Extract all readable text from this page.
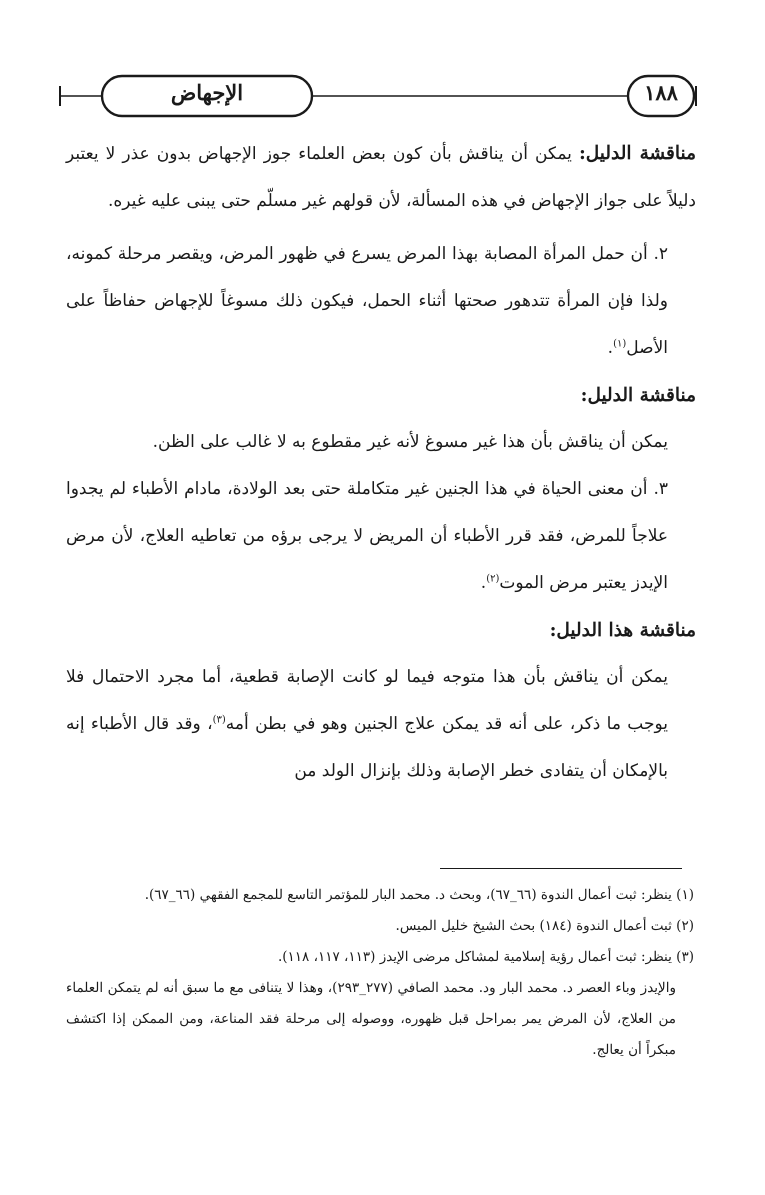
الإجهاض	١٨٨

مناقشة الدليل: يمكن أن يناقش بأن كون بعض العلماء جوز الإجهاض بدون عذر لا يعتبر دليلاً على جواز الإجهاض في هذه المسألة، لأن قولهم غير مسلّم حتى يبنى عليه غيره.

٢. أن حمل المرأة المصابة بهذا المرض يسرع في ظهور المرض، ويقصر مرحلة كمونه، ولذا فإن المرأة تتدهور صحتها أثناء الحمل، فيكون ذلك مسوغاً للإجهاض حفاظاً على الأصل$^{(١)}$.

مناقشة الدليل:

يمكن أن يناقش بأن هذا غير مسوغ لأنه غير مقطوع به لا غالب على الظن.

٣. أن معنى الحياة في هذا الجنين غير متكاملة حتى بعد الولادة، مادام الأطباء لم يجدوا علاجاً للمرض، فقد قرر الأطباء أن المريض لا يرجى برؤه من تعاطيه العلاج، لأن مرض الإيدز يعتبر مرض الموت$^{(٢)}$.

مناقشة هذا الدليل:

يمكن أن يناقش بأن هذا متوجه فيما لو كانت الإصابة قطعية، أما مجرد الاحتمال فلا يوجب ما ذكر، على أنه قد يمكن علاج الجنين وهو في بطن أمه$^{(٣)}$، وقد قال الأطباء إنه بالإمكان أن يتفادى خطر الإصابة وذلك بإنزال الولد من

(١) ينظر: ثبت أعمال الندوة (٦٦_٦٧)، وبحث د. محمد البار للمؤتمر التاسع للمجمع الفقهي (٦٦_٦٧).

(٢) ثبت أعمال الندوة (١٨٤) بحث الشيخ خليل الميس.

(٣) ينظر: ثبت أعمال رؤية إسلامية لمشاكل مرضى الإيدز (١١٣، ١١٧، ١١٨).

والإيدز وباء العصر د. محمد البار ود. محمد الصافي (٢٧٧_٢٩٣)، وهذا لا يتنافى مع ما سبق أنه لم يتمكن العلماء من العلاج، لأن المرض يمر بمراحل قبل ظهوره، ووصوله إلى مرحلة فقد المناعة، ومن الممكن إذا اكتشف مبكراً أن يعالج.
